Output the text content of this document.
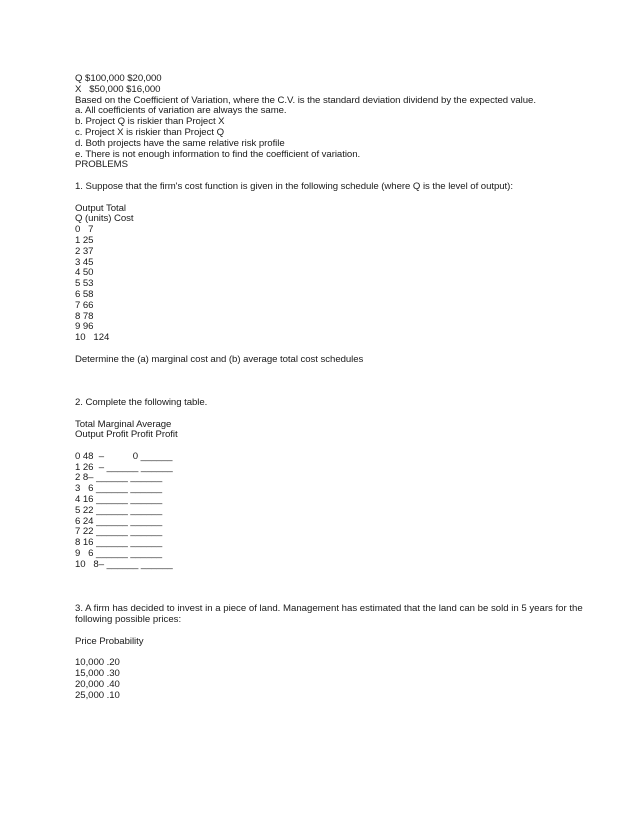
Q $100,000 $20,000
X   $50,000 $16,000
Based on the Coefficient of Variation, where the C.V. is the standard deviation dividend by the expected value.
a. All coefficients of variation are always the same.
b. Project Q is riskier than Project X
c. Project X is riskier than Project Q
d. Both projects have the same relative risk profile
e. There is not enough information to find the coefficient of variation.
PROBLEMS
1. Suppose that the firm's cost function is given in the following schedule (where Q is the level of output):
Output Total
Q (units) Cost
0   7
1 25
2 37
3 45
4 50
5 53
6 58
7 66
8 78
9 96
10   124
Determine the (a) marginal cost and (b) average total cost schedules
2. Complete the following table.
Total Marginal Average
Output Profit Profit Profit
0 48  –           0 ______
1 26  – ______ ______
2 8– ______ ______
3   6 ______ ______
4 16 ______ ______
5 22 ______ ______
6 24 ______ ______
7 22 ______ ______
8 16 ______ ______
9   6 ______ ______
10   8– ______ ______
3. A firm has decided to invest in a piece of land. Management has estimated that the land can be sold in 5 years for the following possible prices:
Price Probability
10,000 .20
15,000 .30
20,000 .40
25,000 .10
